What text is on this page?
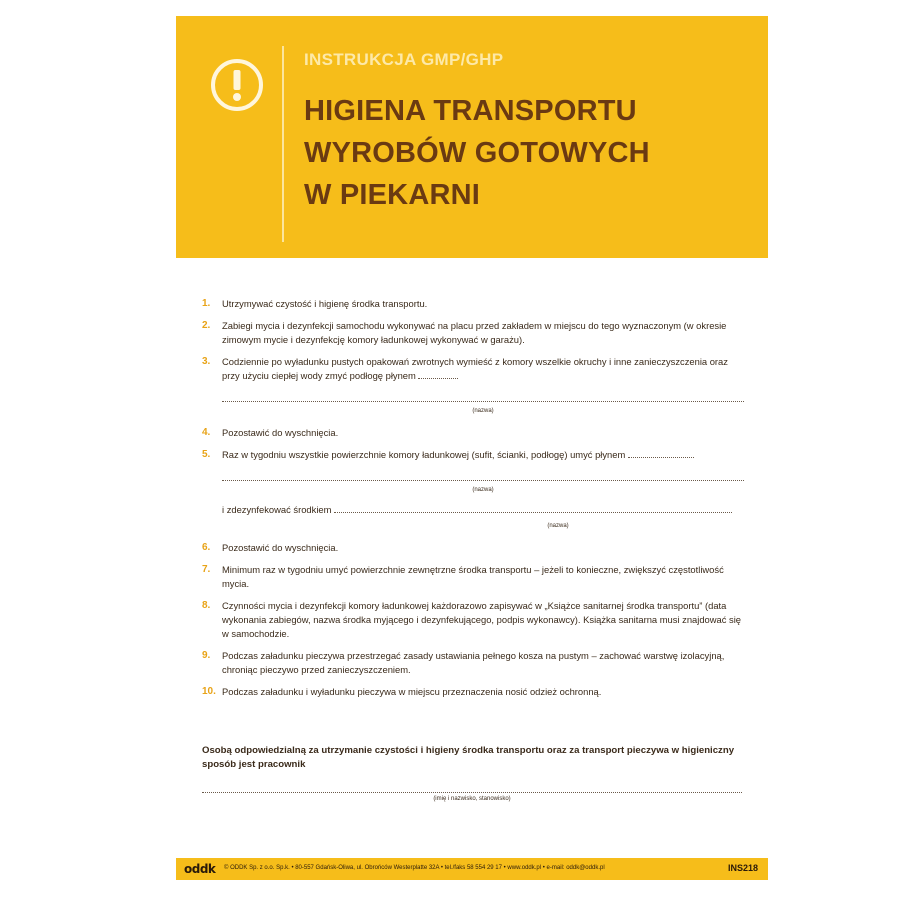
INSTRUKCJA GMP/GHP
HIGIENA TRANSPORTU
WYROBÓW GOTOWYCH
W PIEKARNI
1. Utrzymywać czystość i higienę środka transportu.
2. Zabiegi mycia i dezynfekcji samochodu wykonywać na placu przed zakładem w miejscu do tego wyznaczonym (w okresie zimowym mycie i dezynfekcję komory ładunkowej wykonywać w garażu).
3. Codziennie po wyładunku pustych opakowań zwrotnych wymieść z komory wszelkie okruchy i inne zanieczyszczenia oraz przy użyciu ciepłej wody zmyć podłogę płynem
(nazwa)
4. Pozostawić do wyschnięcia.
5. Raz w tygodniu wszystkie powierzchnie komory ładunkowej (sufit, ścianki, podłogę) umyć płynem
(nazwa)
i zdezynfekować środkiem
(nazwa)
6. Pozostawić do wyschnięcia.
7. Minimum raz w tygodniu umyć powierzchnie zewnętrzne środka transportu – jeżeli to konieczne, zwiększyć częstotliwość mycia.
8. Czynności mycia i dezynfekcji komory ładunkowej każdorazowo zapisywać w „Książce sanitarnej środka transportu” (data wykonania zabiegów, nazwa środka myjącego i dezynfekującego, podpis wykonawcy). Książka sanitarna musi znajdować się w samochodzie.
9. Podczas załadunku pieczywa przestrzegać zasady ustawiania pełnego kosza na pustym – zachować warstwę izolacyjną, chroniąc pieczywo przed zanieczyszczeniem.
10. Podczas załadunku i wyładunku pieczywa w miejscu przeznaczenia nosić odzież ochronną.
Osobą odpowiedzialną za utrzymanie czystości i higieny środka transportu oraz za transport pieczywa w higieniczny sposób jest pracownik
(imię i nazwisko, stanowisko)
oddk © ODDK Sp. z o.o. Sp.k. • 80-557 Gdańsk-Oliwa, ul. Obrońców Westerplatte 32A • tel./faks 58 554 29 17 • www.oddk.pl • e-mail: oddk@oddk.pl	INS218
